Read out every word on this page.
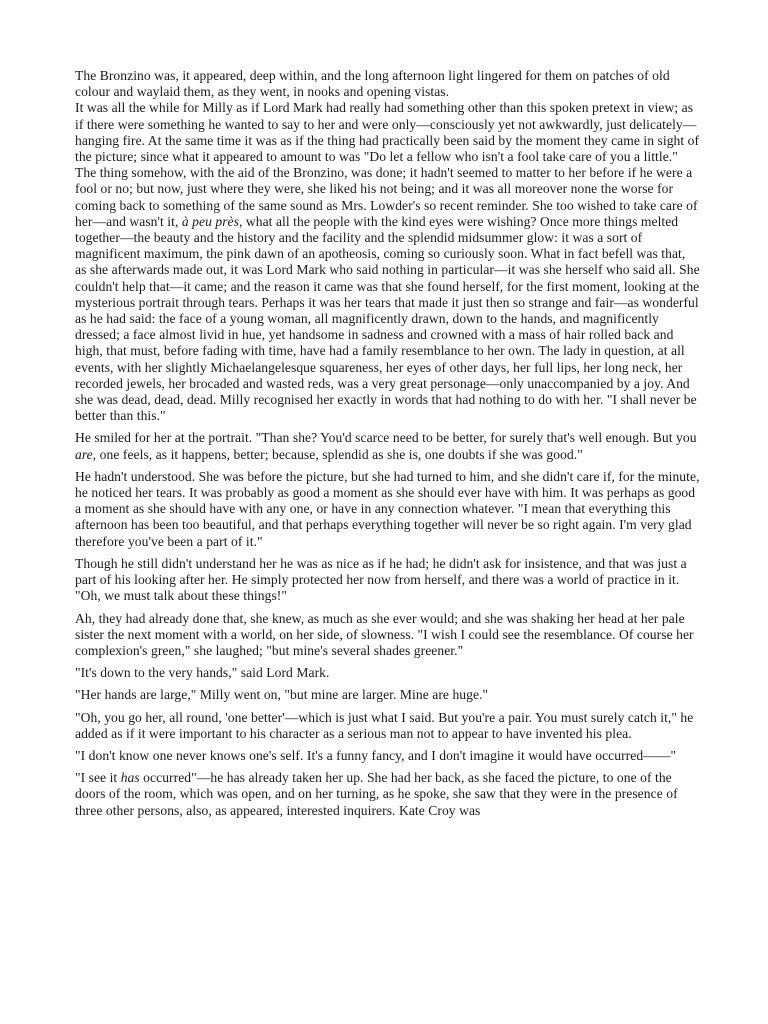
The Bronzino was, it appeared, deep within, and the long afternoon light lingered for them on patches of old colour and waylaid them, as they went, in nooks and opening vistas.

It was all the while for Milly as if Lord Mark had really had something other than this spoken pretext in view; as if there were something he wanted to say to her and were only—consciously yet not awkwardly, just delicately—hanging fire. At the same time it was as if the thing had practically been said by the moment they came in sight of the picture; since what it appeared to amount to was "Do let a fellow who isn't a fool take care of you a little." The thing somehow, with the aid of the Bronzino, was done; it hadn't seemed to matter to her before if he were a fool or no; but now, just where they were, she liked his not being; and it was all moreover none the worse for coming back to something of the same sound as Mrs. Lowder's so recent reminder. She too wished to take care of her—and wasn't it, à peu près, what all the people with the kind eyes were wishing? Once more things melted together—the beauty and the history and the facility and the splendid midsummer glow: it was a sort of magnificent maximum, the pink dawn of an apotheosis, coming so curiously soon. What in fact befell was that, as she afterwards made out, it was Lord Mark who said nothing in particular—it was she herself who said all. She couldn't help that—it came; and the reason it came was that she found herself, for the first moment, looking at the mysterious portrait through tears. Perhaps it was her tears that made it just then so strange and fair—as wonderful as he had said: the face of a young woman, all magnificently drawn, down to the hands, and magnificently dressed; a face almost livid in hue, yet handsome in sadness and crowned with a mass of hair rolled back and high, that must, before fading with time, have had a family resemblance to her own. The lady in question, at all events, with her slightly Michaelangelesque squareness, her eyes of other days, her full lips, her long neck, her recorded jewels, her brocaded and wasted reds, was a very great personage—only unaccompanied by a joy. And she was dead, dead, dead. Milly recognised her exactly in words that had nothing to do with her. "I shall never be better than this."

He smiled for her at the portrait. "Than she? You'd scarce need to be better, for surely that's well enough. But you are, one feels, as it happens, better; because, splendid as she is, one doubts if she was good."

He hadn't understood. She was before the picture, but she had turned to him, and she didn't care if, for the minute, he noticed her tears. It was probably as good a moment as she should ever have with him. It was perhaps as good a moment as she should have with any one, or have in any connection whatever. "I mean that everything this afternoon has been too beautiful, and that perhaps everything together will never be so right again. I'm very glad therefore you've been a part of it."

Though he still didn't understand her he was as nice as if he had; he didn't ask for insistence, and that was just a part of his looking after her. He simply protected her now from herself, and there was a world of practice in it. "Oh, we must talk about these things!"

Ah, they had already done that, she knew, as much as she ever would; and she was shaking her head at her pale sister the next moment with a world, on her side, of slowness. "I wish I could see the resemblance. Of course her complexion's green," she laughed; "but mine's several shades greener."

"It's down to the very hands," said Lord Mark.

"Her hands are large," Milly went on, "but mine are larger. Mine are huge."

"Oh, you go her, all round, 'one better'—which is just what I said. But you're a pair. You must surely catch it," he added as if it were important to his character as a serious man not to appear to have invented his plea.

"I don't know one never knows one's self. It's a funny fancy, and I don't imagine it would have occurred——"

"I see it has occurred"—he has already taken her up. She had her back, as she faced the picture, to one of the doors of the room, which was open, and on her turning, as he spoke, she saw that they were in the presence of three other persons, also, as appeared, interested inquirers. Kate Croy was
